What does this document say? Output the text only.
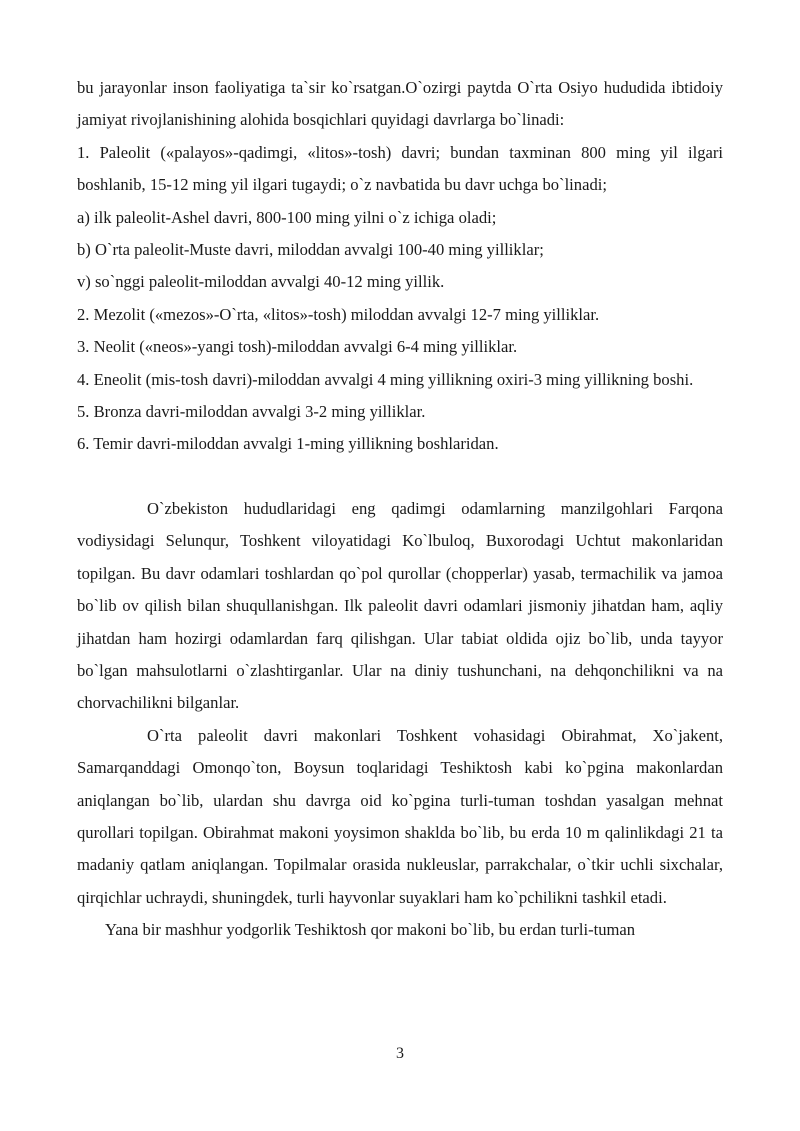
bu jarayonlar inson faoliyatiga ta`sir ko`rsatgan.O`ozirgi paytda O`rta Osiyo hududida ibtidoiy jamiyat rivojlanishining alohida bosqichlari quyidagi davrlarga bo`linadi:

1. Paleolit («palayos»-qadimgi, «litos»-tosh) davri; bundan taxminan 800 ming yil ilgari boshlanib, 15-12 ming yil ilgari tugaydi; o`z navbatida bu davr uchga bo`linadi;

a) ilk paleolit-Ashel davri, 800-100 ming yilni o`z ichiga oladi;

b) O`rta paleolit-Muste davri, miloddan avvalgi 100-40 ming yilliklar;

v) so`nggi paleolit-miloddan avvalgi 40-12 ming yillik.

2. Mezolit («mezos»-O`rta, «litos»-tosh) miloddan avvalgi 12-7 ming yilliklar.

3. Neolit («neos»-yangi tosh)-miloddan avvalgi 6-4 ming yilliklar.

4. Eneolit (mis-tosh davri)-miloddan avvalgi 4 ming yillikning oxiri-3 ming yillikning boshi.

5. Bronza davri-miloddan avvalgi 3-2 ming yilliklar.

6. Temir davri-miloddan avvalgi 1-ming yillikning boshlaridan.

O`zbekiston hududlaridagi eng qadimgi odamlarning manzilgohlari Farqona vodiysidagi Selunqur, Toshkent viloyatidagi Ko`lbuloq, Buxorodagi Uchtut makonlaridan topilgan. Bu davr odamlari toshlardan qo`pol qurollar (chopperlar) yasab, termachilik va jamoa bo`lib ov qilish bilan shuqullanishgan. Ilk paleolit davri odamlari jismoniy jihatdan ham, aqliy jihatdan ham hozirgi odamlardan farq qilishgan. Ular tabiat oldida ojiz bo`lib, unda tayyor bo`lgan mahsulotlarni o`zlashtirganlar. Ular na diniy tushunchani, na dehqonchilikni va na chorvachilikni bilganlar.

O`rta paleolit davri makonlari Toshkent vohasidagi Obirahmat, Xo`jakent, Samarqanddagi Omonqo`ton, Boysun toqlaridagi Teshiktosh kabi ko`pgina makonlardan aniqlangan bo`lib, ulardan shu davrga oid ko`pgina turli-tuman toshdan yasalgan mehnat qurollari topilgan. Obirahmat makoni yoysimon shaklda bo`lib, bu erda 10 m qalinlikdagi 21 ta madaniy qatlam aniqlangan. Topilmalar orasida nukleuslar, parrakchalar, o`tkir uchli sixchalar, qirqichlar uchraydi, shuningdek, turli hayvonlar suyaklari ham ko`pchilikni tashkil etadi.

Yana bir mashhur yodgorlik Teshiktosh qor makoni bo`lib, bu erdan turli-tuman

3
